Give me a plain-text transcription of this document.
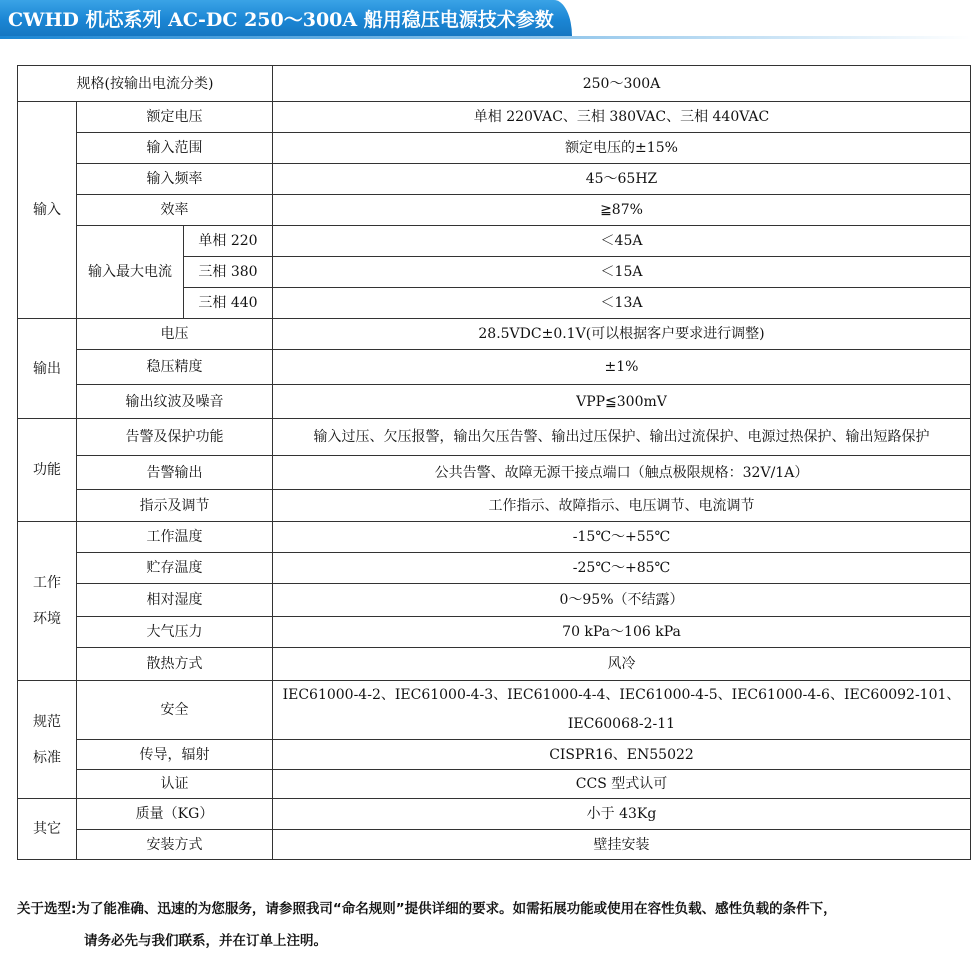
CWHD 机芯系列 AC-DC 250～300A 船用稳压电源技术参数
规格(按输出电流分类)			250～300A
输入	额定电压		单相 220VAC、三相 380VAC、三相 440VAC
	输入范围		额定电压的±15%
	输入频率		45～65HZ
	效率		≧87%
	输入最大电流	单相 220	＜45A
		三相 380	＜15A
		三相 440	＜13A
输出	电压		28.5VDC±0.1V(可以根据客户要求进行调整)
	稳压精度		±1%
	输出纹波及噪音		VPP≦300mV
功能	告警及保护功能		输入过压、欠压报警，输出欠压告警、输出过压保护、输出过流保护、电源过热保护、输出短路保护
	告警输出		公共告警、故障无源干接点端口（触点极限规格：32V/1A）
	指示及调节		工作指示、故障指示、电压调节、电流调节
工作

环境	工作温度		-15℃～+55℃
	贮存温度		-25℃～+85℃
	相对湿度		0～95%（不结露）
	大气压力		70 kPa～106 kPa
	散热方式		风冷
规范

标准	安全		IEC61000-4-2、IEC61000-4-3、IEC61000-4-4、IEC61000-4-5、IEC61000-4-6、IEC60092-101、
IEC60068-2-11
	传导，辐射		CISPR16、EN55022
	认证		CCS 型式认可
其它	质量（KG）		小于 43Kg
	安装方式		壁挂安装
关于选型:为了能准确、迅速的为您服务，请参照我司“命名规则”提供详细的要求。如需拓展功能或使用在容性负载、感性负载的条件下，
请务必先与我们联系，并在订单上注明。
